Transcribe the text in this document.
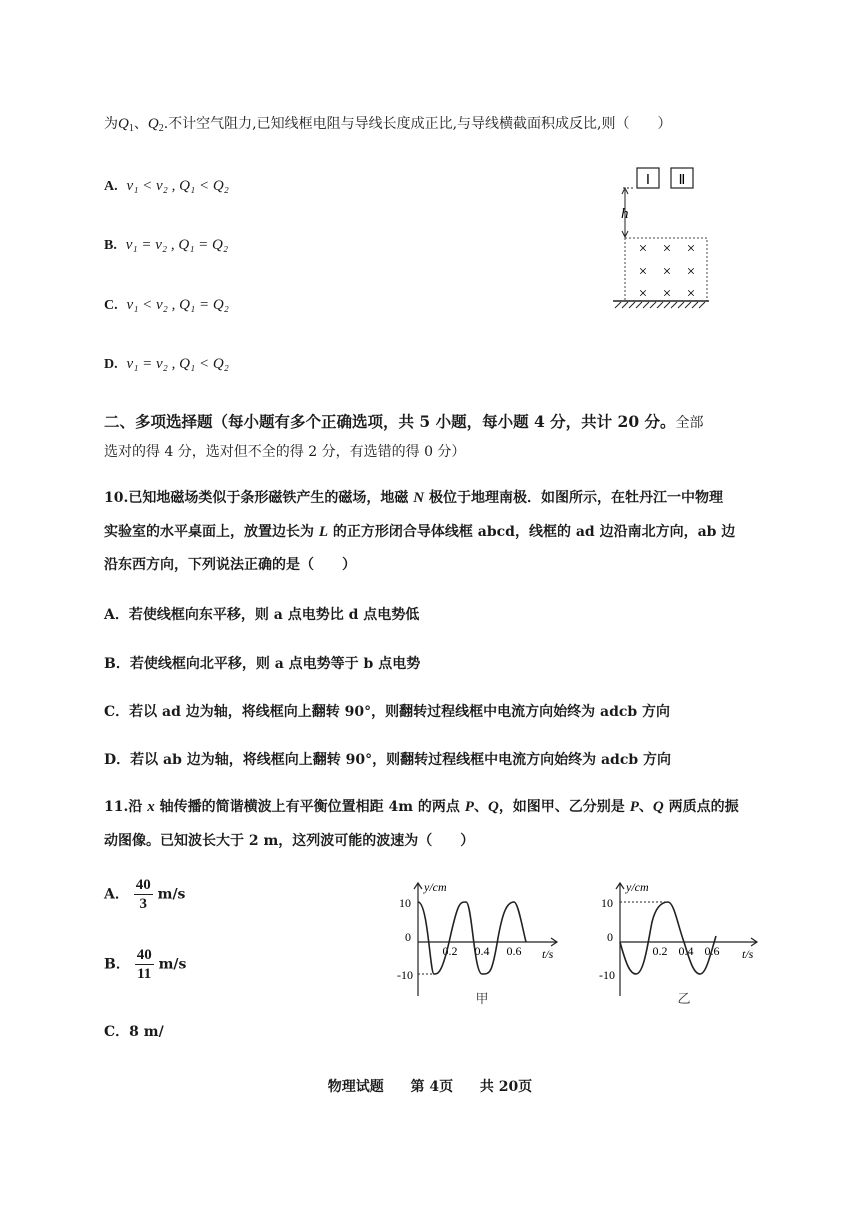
为$Q_1$、$Q_2$.不计空气阻力,已知线框电阻与导线长度成正比,与导线横截面积成反比,则（　　）
A. v₁ < v₂ , Q₁ < Q₂
B. v₁ = v₂ , Q₁ = Q₂
C. v₁ < v₂ , Q₁ = Q₂
D. v₁ = v₂ , Q₁ < Q₂
Ⅰ Ⅱ
h
× × ×
× × ×
× × ×
二、多项选择题（每小题有多个正确选项，共 5 小题，每小题 4 分，共计 20 分。全部
选对的得 4 分，选对但不全的得 2 分，有选错的得 0 分）
10.已知地磁场类似于条形磁铁产生的磁场，地磁 N 极位于地理南极．如图所示，在牡丹江一中物理
实验室的水平桌面上，放置边长为 L 的正方形闭合导体线框 abcd，线框的 ad 边沿南北方向，ab 边
沿东西方向，下列说法正确的是（　　）
A．若使线框向东平移，则 a 点电势比 d 点电势低
B．若使线框向北平移，则 a 点电势等于 b 点电势
C．若以 ad 边为轴，将线框向上翻转 90°，则翻转过程线框中电流方向始终为 adcb 方向
D．若以 ab 边为轴，将线框向上翻转 90°，则翻转过程线框中电流方向始终为 adcb 方向
11.沿 x 轴传播的简谐横波上有平衡位置相距 4m 的两点 P、Q，如图甲、乙分别是 P、Q 两质点的振
动图像。已知波长大于 2 m，这列波可能的波速为（　　）
A． $\frac{40}{3} m/s$
B． $\frac{40}{11} m/s$
C．8 m/
y/cm
t/s
10
0
-10
0.2 0.4 0.6
甲
y/cm
t/s
10
0
-10
0.2 0.4 0.6
乙
物理试题 第 4页 共 20页
